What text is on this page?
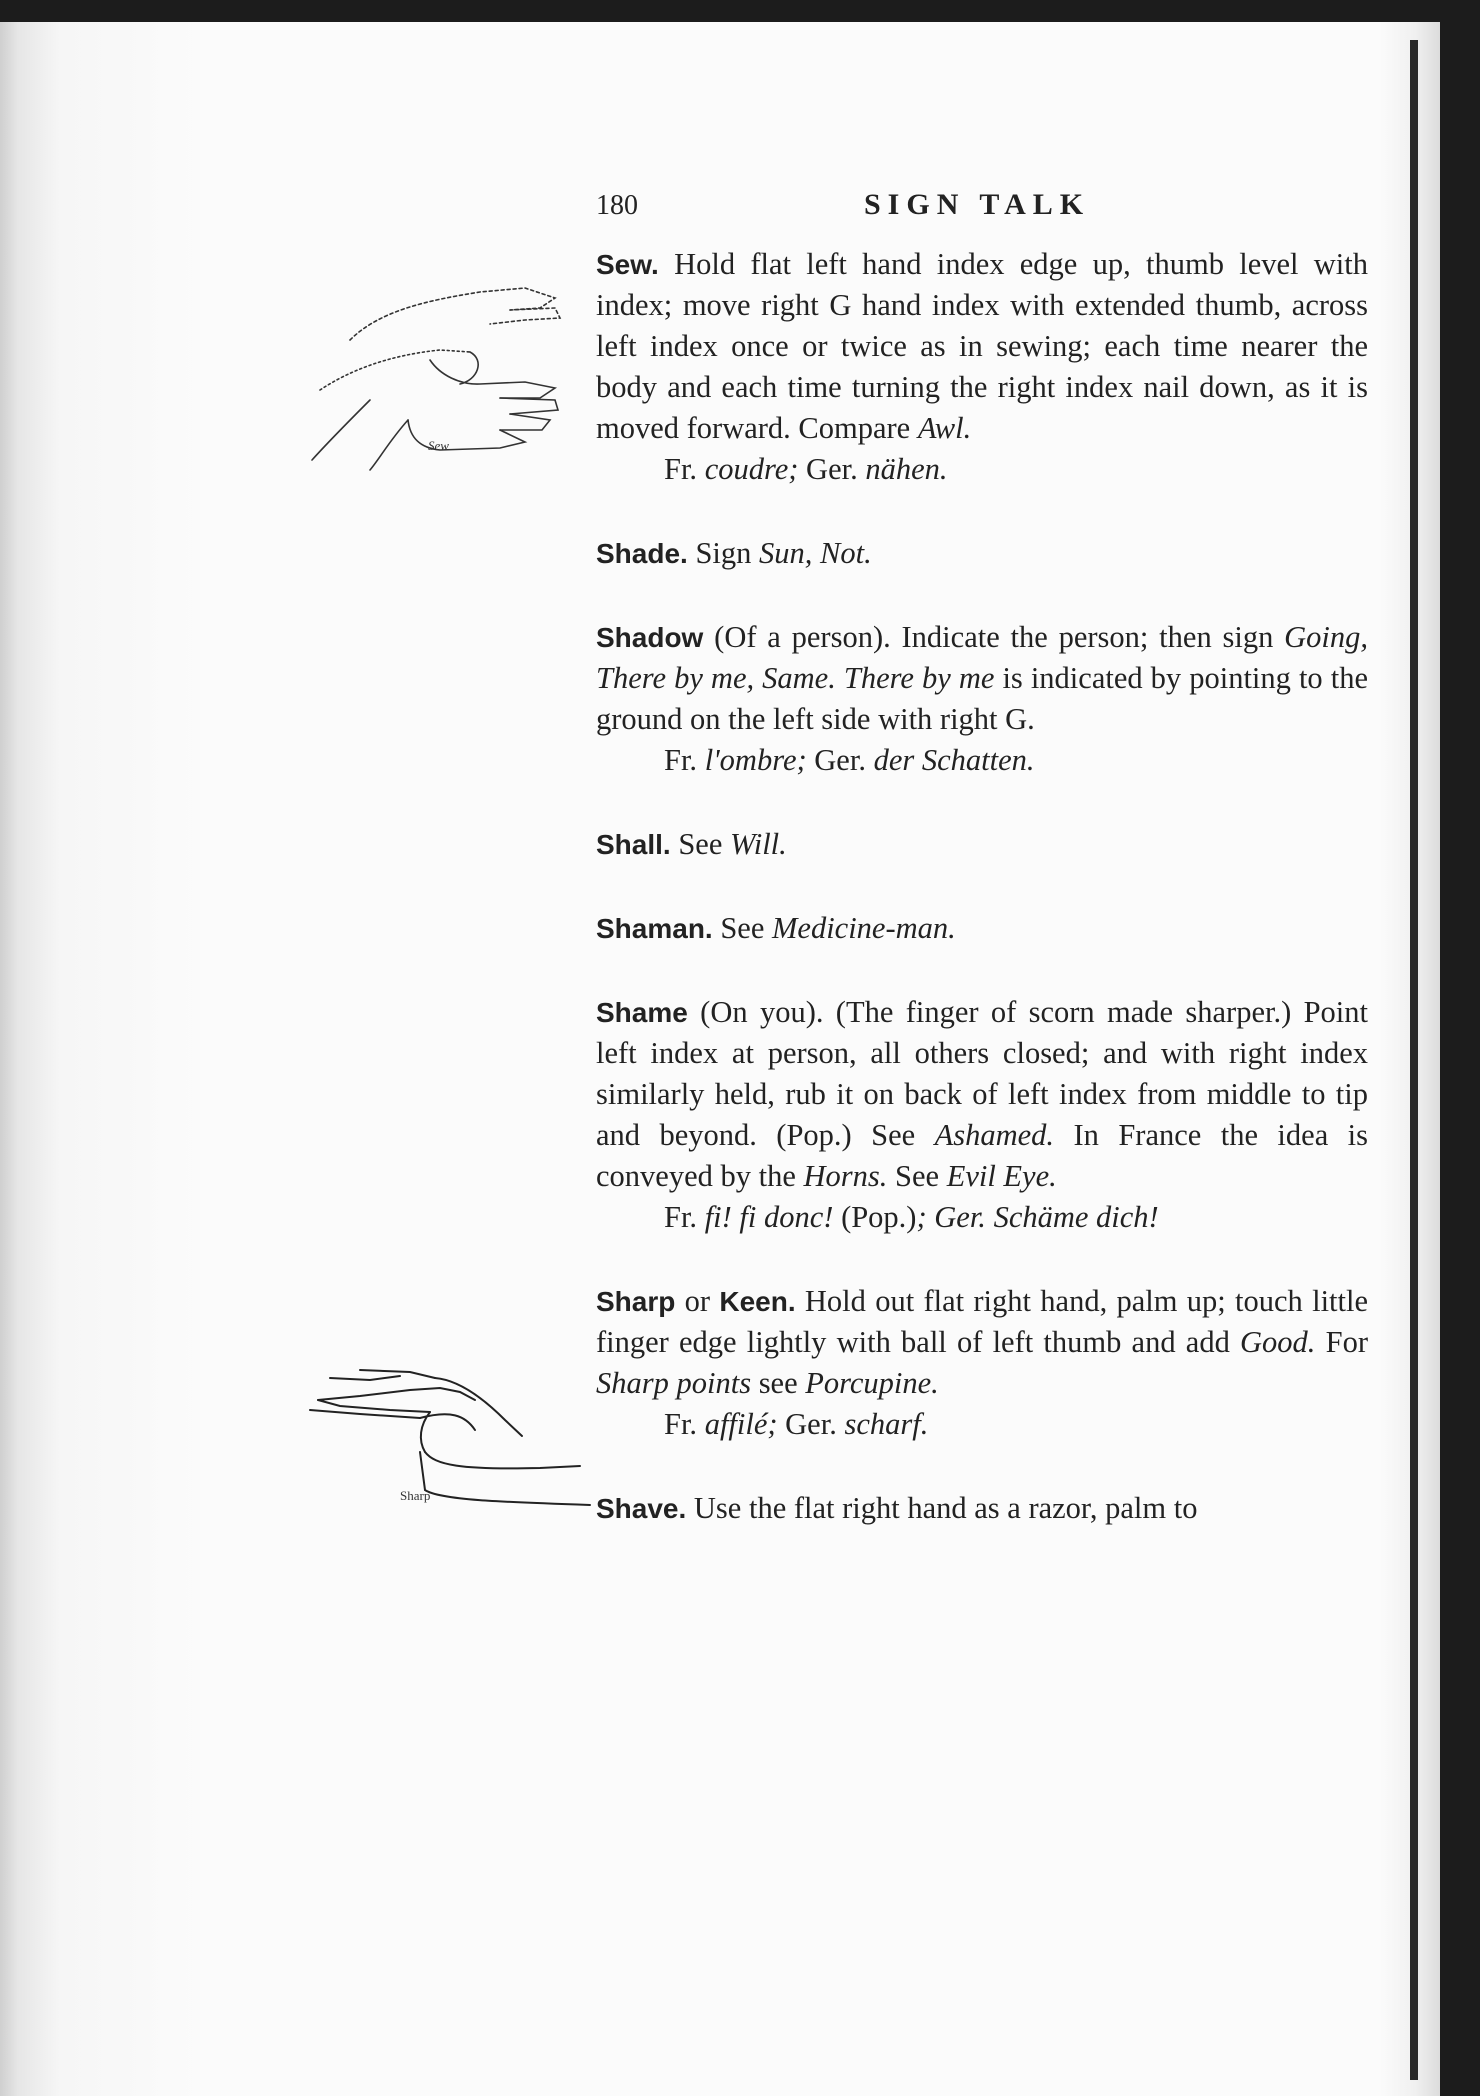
180	SIGN TALK
Sew
Sharp

Sew. Hold flat left hand index edge up, thumb level with index; move right G hand index with extended thumb, across left index once or twice as in sewing; each time nearer the body and each time turning the right index nail down, as it is moved forward. Compare Awl.

Fr. coudre; Ger. nähen.

Shade. Sign Sun, Not.

Shadow (Of a person). Indicate the person; then sign Going, There by me, Same. There by me is indicated by pointing to the ground on the left side with right G.

Fr. l'ombre; Ger. der Schatten.

Shall. See Will.

Shaman. See Medicine-man.

Shame (On you). (The finger of scorn made sharper.) Point left index at person, all others closed; and with right index similarly held, rub it on back of left index from middle to tip and beyond. (Pop.) See Ashamed. In France the idea is conveyed by the Horns. See Evil Eye.

Fr. fi! fi donc! (Pop.); Ger. Schäme dich!

Sharp or Keen. Hold out flat right hand, palm up; touch little finger edge lightly with ball of left thumb and add Good. For Sharp points see Porcupine.

Fr. affilé; Ger. scharf.

Shave. Use the flat right hand as a razor, palm to
